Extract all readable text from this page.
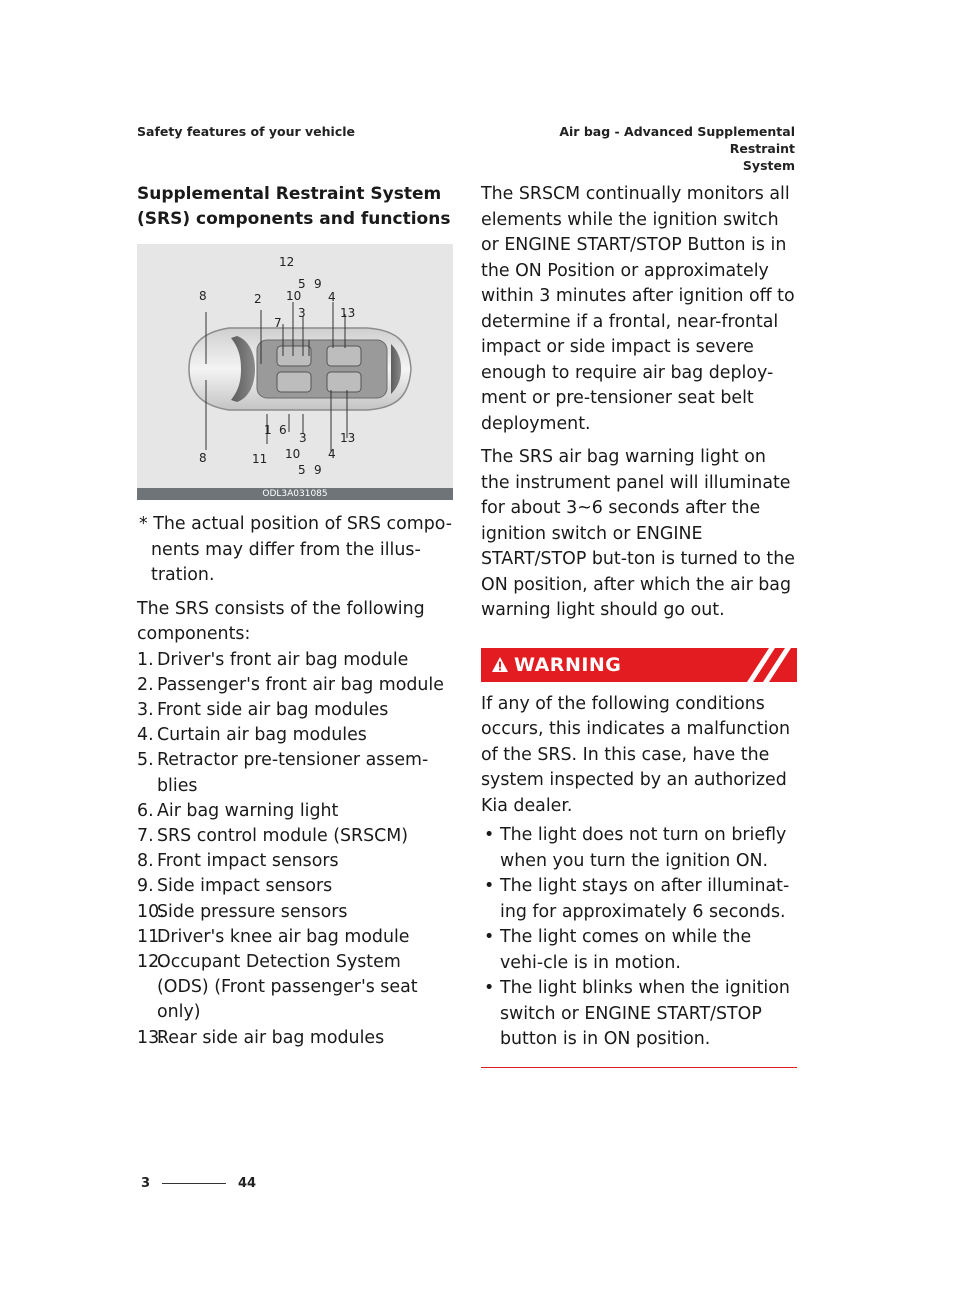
Safety features of your vehicle	Air bag - Advanced Supplemental Restraint
System
Supplemental Restraint System
(SRS) components and functions
12
5 9
8	2 10
3
4
13
7
1 6
3	13
8	11 10 4
5 9
ODL3A031085

* The actual position of SRS compo-nents may differ from the illus-tration.

The SRS consists of the following components:

1. Driver's front air bag module
2. Passenger's front air bag module
3. Front side air bag modules
4. Curtain air bag modules
5. Retractor pre-tensioner assem-blies
6. Air bag warning light
7. SRS control module (SRSCM)
8. Front impact sensors
9. Side impact sensors
10.
Side pressure sensors
11.
Driver's knee air bag module
12.
Occupant Detection System (ODS) (Front passenger's seat only)
13.
Rear side air bag modules

The SRSCM continually monitors all elements while the ignition switch or ENGINE START/STOP Button is in the ON Position or approximately within 3 minutes after ignition off to determine if a frontal, near-frontal impact or side impact is severe enough to require air bag deploy-ment or pre-tensioner seat belt deployment.

The SRS air bag warning light on the instrument panel will illuminate for about 3~6 seconds after the ignition switch or ENGINE START/STOP but-ton is turned to the ON position, after which the air bag warning light should go out.

WARNING

If any of the following conditions occurs, this indicates a malfunction of the SRS. In this case, have the system inspected by an authorized Kia dealer.

• The light does not turn on briefly when you turn the ignition ON.
• The light stays on after illuminat-ing for approximately 6 seconds.
• The light comes on while the vehi-cle is in motion.
• The light blinks when the ignition switch or ENGINE START/STOP button is in ON position.
3	44
